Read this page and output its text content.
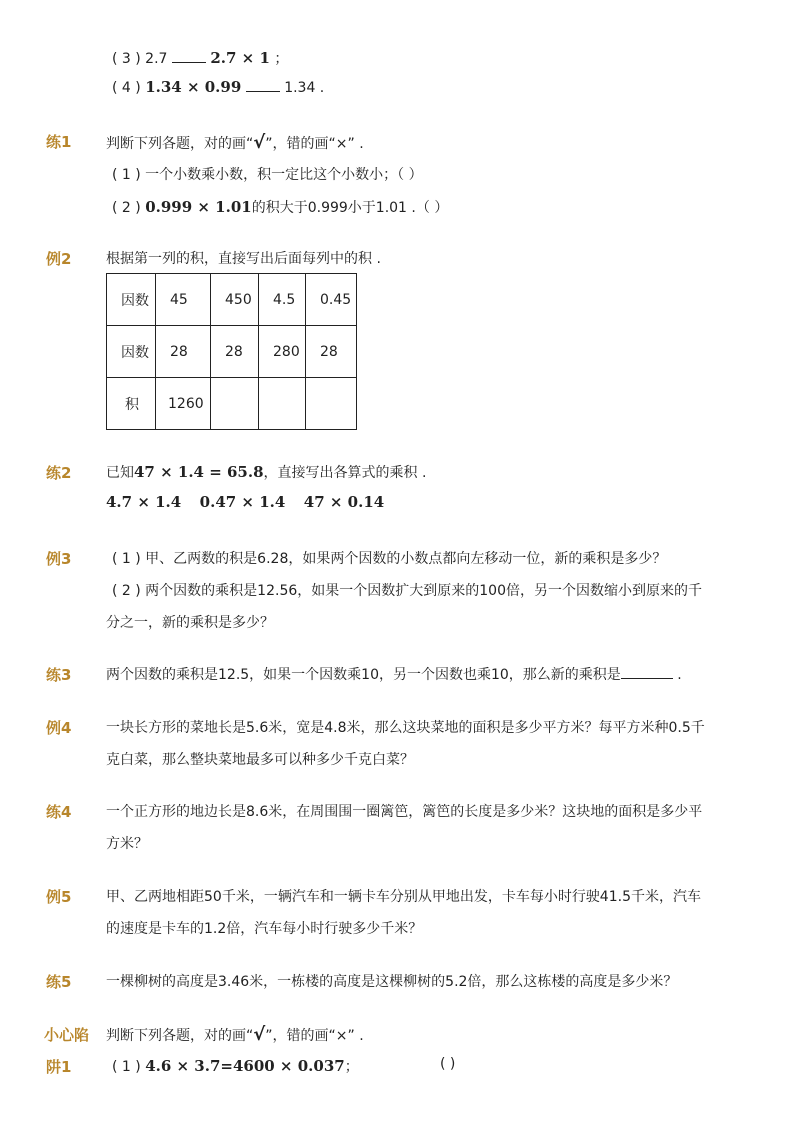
( 3 ) 2.7	2.7 × 1 ；
( 4 ) 1.34 × 0.99	1.34 .
练1 判断下列各题，对的画“√”，错的画“×” .
( 1 ) 一个小数乘小数，积一定比这个小数小；（ ）
( 2 ) 0.999 × 1.01的积大于0.999小于1.01 .（ ）
例2 根据第一列的积，直接写出后面每列中的积 .
因数	45	450	4.5	0.45
因数	28	28	280	28
积	1260			
练2 已知47 × 1.4 = 65.8，直接写出各算式的乘积 .
4.7 × 1.4 0.47 × 1.4 47 × 0.14
例3	( 1 ) 甲、乙两数的积是6.28，如果两个因数的小数点都向左移动一位，新的乘积是多少？
( 2 ) 两个因数的乘积是12.56，如果一个因数扩大到原来的100倍，另一个因数缩小到原来的千
分之一，新的乘积是多少？
练3 两个因数的乘积是12.5，如果一个因数乘10，另一个因数也乘10，那么新的乘积是	.
例4 一块长方形的菜地长是5.6米，宽是4.8米，那么这块菜地的面积是多少平方米？每平方米种0.5千
克白菜，那么整块菜地最多可以种多少千克白菜？
练4 一个正方形的地边长是8.6米，在周围围一圈篱笆，篱笆的长度是多少米？这块地的面积是多少平
方米？
例5 甲、乙两地相距50千米，一辆汽车和一辆卡车分别从甲地出发，卡车每小时行驶41.5千米，汽车
的速度是卡车的1.2倍，汽车每小时行驶多少千米？
练5 一棵柳树的高度是3.46米，一栋楼的高度是这棵柳树的5.2倍，那么这栋楼的高度是多少米？
小心陷 判断下列各题，对的画“√”，错的画“×” .
阱1	( 1 ) 4.6 × 3.7=4600 × 0.037；	( )
